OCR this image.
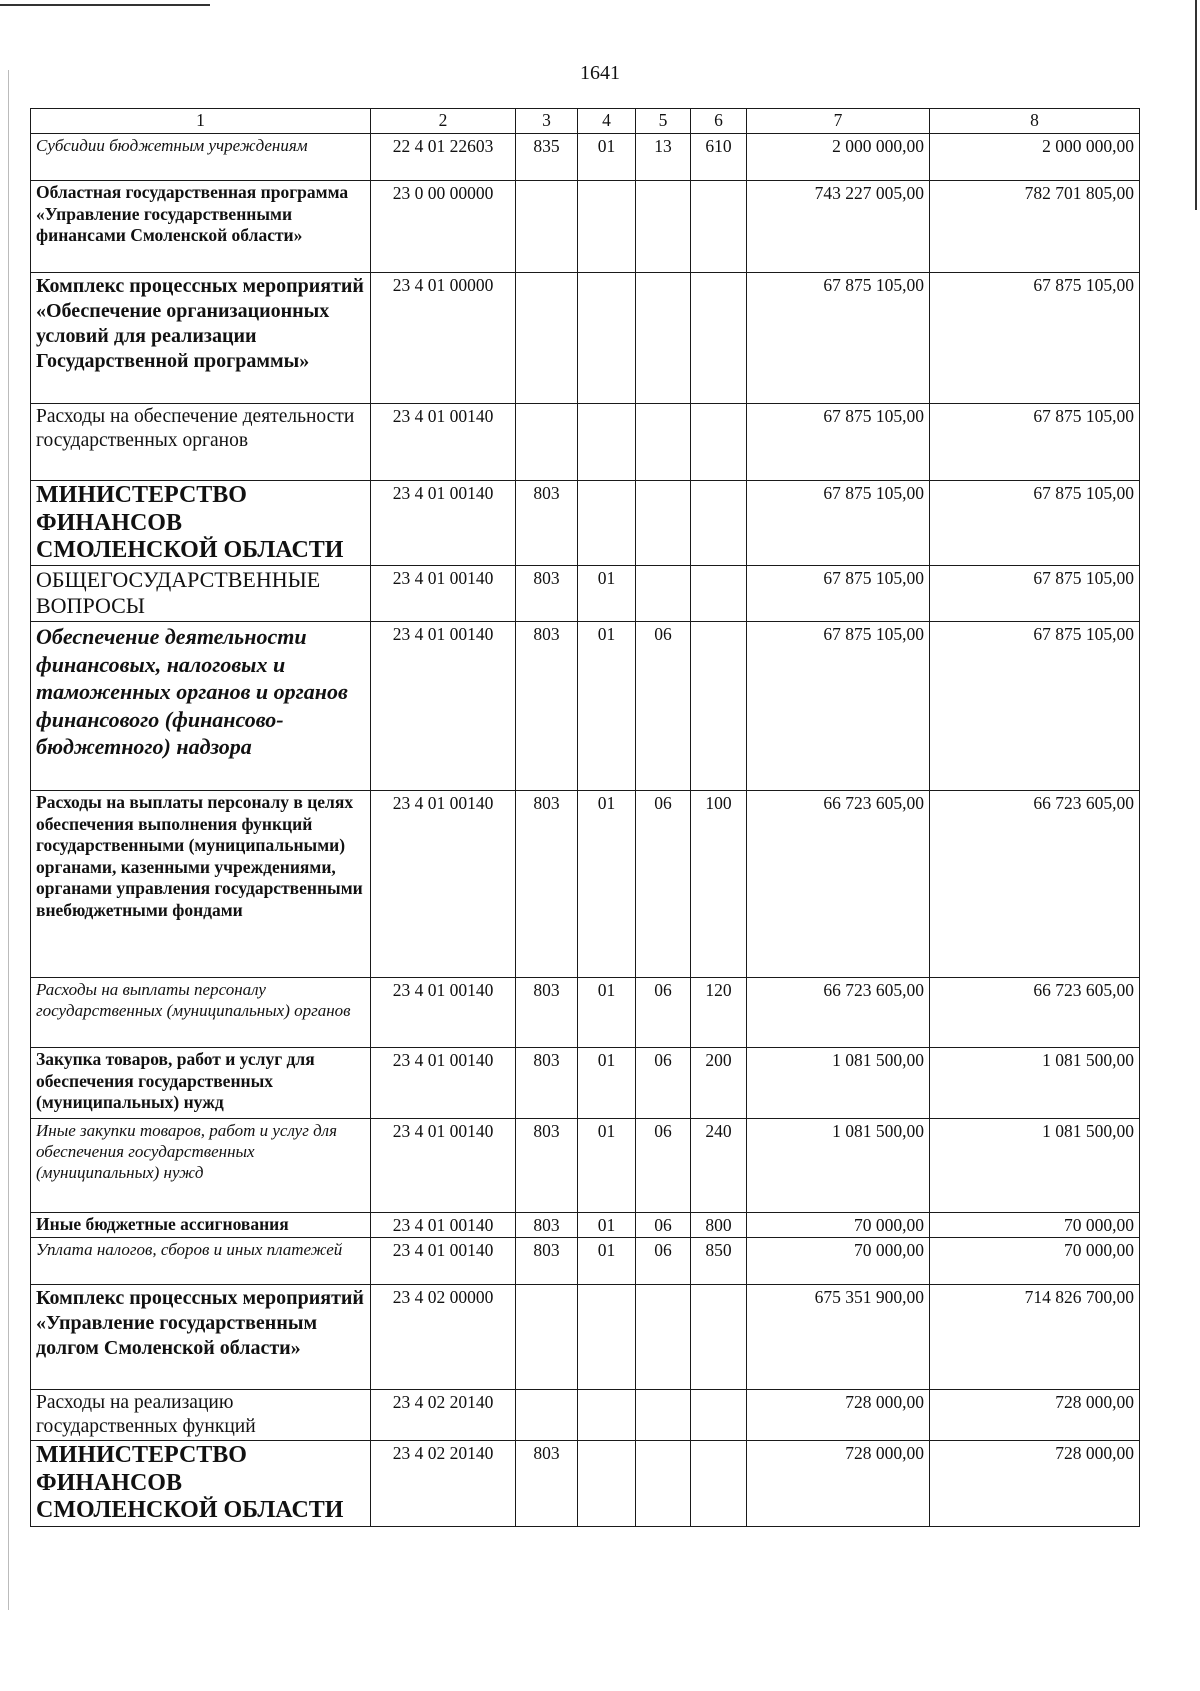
1641
1	2	3	4	5	6	7	8
Субсидии бюджетным учреждениям	22 4 01 22603	835	01	13	610	2 000 000,00	2 000 000,00
Областная государственная программа «Управление государственными финансами Смоленской области»	23 0 00 00000					743 227 005,00	782 701 805,00
Комплекс процессных мероприятий «Обеспечение организационных условий для реализации Государственной программы»	23 4 01 00000					67 875 105,00	67 875 105,00
Расходы на обеспечение деятельности государственных органов	23 4 01 00140					67 875 105,00	67 875 105,00
МИНИСТЕРСТВО ФИНАНСОВ СМОЛЕНСКОЙ ОБЛАСТИ	23 4 01 00140	803				67 875 105,00	67 875 105,00
ОБЩЕГОСУДАРСТВЕННЫЕ ВОПРОСЫ	23 4 01 00140	803	01			67 875 105,00	67 875 105,00
Обеспечение деятельности финансовых, налоговых и таможенных органов и органов финансового (финансово-бюджетного) надзора	23 4 01 00140	803	01	06		67 875 105,00	67 875 105,00
Расходы на выплаты персоналу в целях обеспечения выполнения функций государственными (муниципальными) органами, казенными учреждениями, органами управления государственными внебюджетными фондами	23 4 01 00140	803	01	06	100	66 723 605,00	66 723 605,00
Расходы на выплаты персоналу государственных (муниципальных) органов	23 4 01 00140	803	01	06	120	66 723 605,00	66 723 605,00
Закупка товаров, работ и услуг для обеспечения государственных (муниципальных) нужд	23 4 01 00140	803	01	06	200	1 081 500,00	1 081 500,00
Иные закупки товаров, работ и услуг для обеспечения государственных (муниципальных) нужд	23 4 01 00140	803	01	06	240	1 081 500,00	1 081 500,00
Иные бюджетные ассигнования	23 4 01 00140	803	01	06	800	70 000,00	70 000,00
Уплата налогов, сборов и иных платежей	23 4 01 00140	803	01	06	850	70 000,00	70 000,00
Комплекс процессных мероприятий «Управление государственным долгом Смоленской области»	23 4 02 00000					675 351 900,00	714 826 700,00
Расходы на реализацию государственных функций	23 4 02 20140					728 000,00	728 000,00
МИНИСТЕРСТВО ФИНАНСОВ СМОЛЕНСКОЙ ОБЛАСТИ	23 4 02 20140	803				728 000,00	728 000,00
